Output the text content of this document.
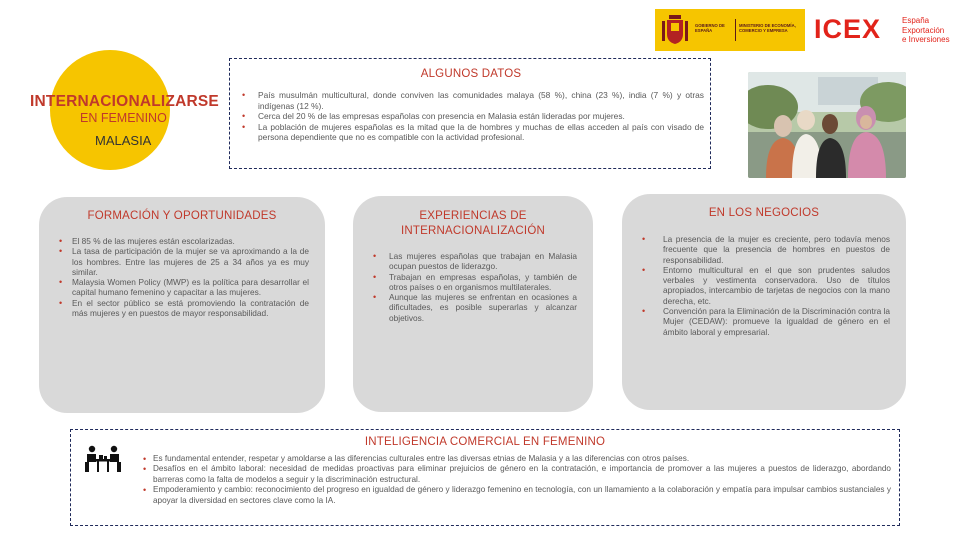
GOBIERNO DE ESPAÑA
MINISTERIO DE ECONOMÍA, COMERCIO Y EMPRESA ICEX	España
Exportación
e Inversiones
INTERNACIONALIZARSE
EN FEMENINO
MALASIA
ALGUNOS DATOS
• País musulmán multicultural, donde conviven las comunidades malaya (58 %), china (23 %), india (7 %) y otras indígenas (12 %).
• Cerca del 20 % de las empresas españolas con presencia en Malasia están lideradas por mujeres.
• La población de mujeres españolas es la mitad que la de hombres y muchas de ellas acceden al país con visado de persona dependiente que no es compatible con la actividad profesional.
FORMACIÓN Y OPORTUNIDADES
• El 85 % de las mujeres están escolarizadas.
• La tasa de participación de la mujer se va aproximando a la de los hombres. Entre las mujeres de 25 a 34 años ya es muy similar.
• Malaysia Women Policy (MWP) es la política para desarrollar el capital humano femenino y capacitar a las mujeres.
• En el sector público se está promoviendo la contratación de más mujeres y en puestos de mayor responsabilidad.
EXPERIENCIAS DE
INTERNACIONALIZACIÓN
• Las mujeres españolas que trabajan en Malasia ocupan puestos de liderazgo.
• Trabajan en empresas españolas, y también de otros países o en organismos multilaterales.
• Aunque las mujeres se enfrentan en ocasiones a dificultades, es posible superarlas y alcanzar objetivos.
EN LOS NEGOCIOS
• La presencia de la mujer es creciente, pero todavía menos frecuente que la presencia de hombres en puestos de responsabilidad.
• Entorno multicultural en el que son prudentes saludos verbales y vestimenta conservadora. Uso de títulos apropiados, intercambio de tarjetas de negocios con la mano derecha, etc.
• Convención para la Eliminación de la Discriminación contra la Mujer (CEDAW): promueve la igualdad de género en el ámbito laboral y empresarial.
INTELIGENCIA COMERCIAL EN FEMENINO
• Es fundamental entender, respetar y amoldarse a las diferencias culturales entre las diversas etnias de Malasia y a las diferencias con otros países.
• Desafíos en el ámbito laboral: necesidad de medidas proactivas para eliminar prejuicios de género en la contratación, e importancia de promover a las mujeres a puestos de liderazgo, abordando barreras como la falta de modelos a seguir y la discriminación estructural.
• Empoderamiento y cambio: reconocimiento del progreso en igualdad de género y liderazgo femenino en tecnología, con un llamamiento a la colaboración y empatía para impulsar cambios sustanciales y apoyar la diversidad en sectores clave como la IA.
